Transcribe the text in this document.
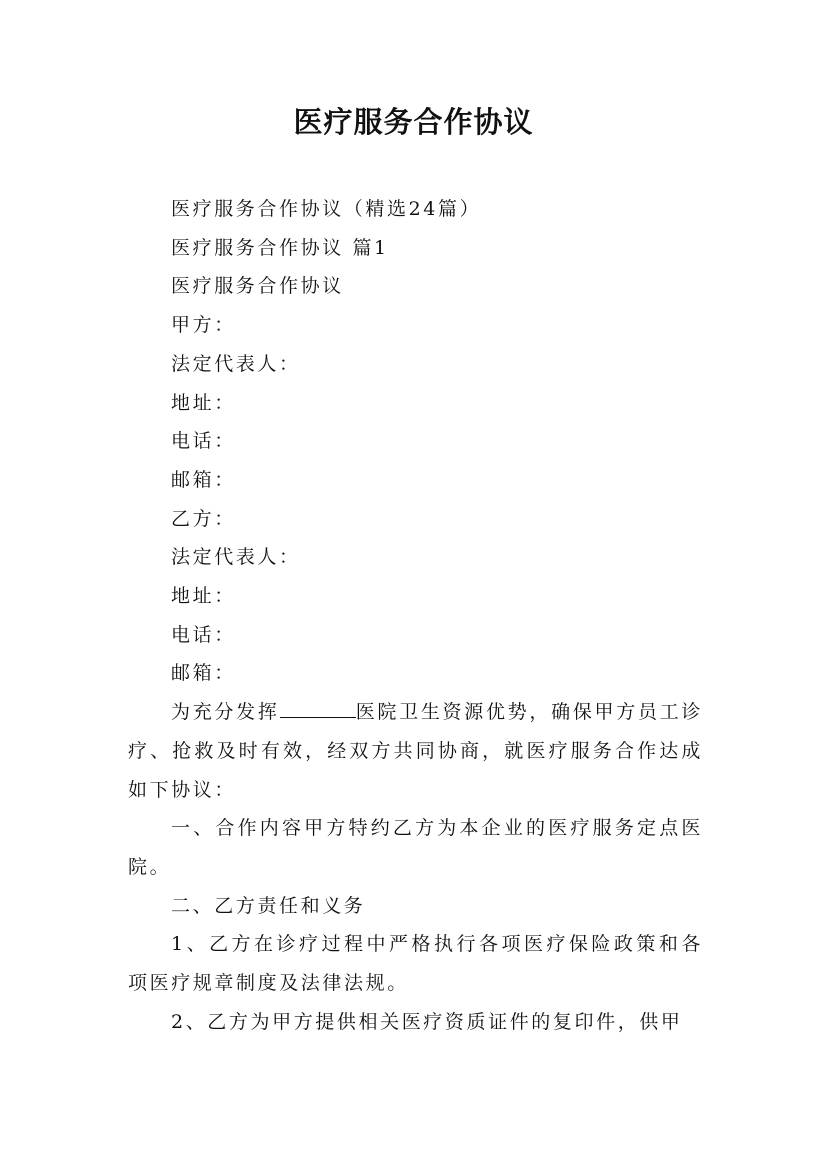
医疗服务合作协议

医疗服务合作协议（精选24篇）

医疗服务合作协议 篇1

医疗服务合作协议

甲方：

法定代表人：

地址：

电话：

邮箱：

乙方：

法定代表人：

地址：

电话：

邮箱：

为充分发挥	医院卫生资源优势，确保甲方员工诊疗、抢救及时有效，经双方共同协商，就医疗服务合作达成如下协议：

一、合作内容甲方特约乙方为本企业的医疗服务定点医院。

二、乙方责任和义务

1、乙方在诊疗过程中严格执行各项医疗保险政策和各项医疗规章制度及法律法规。

2、乙方为甲方提供相关医疗资质证件的复印件，供甲
